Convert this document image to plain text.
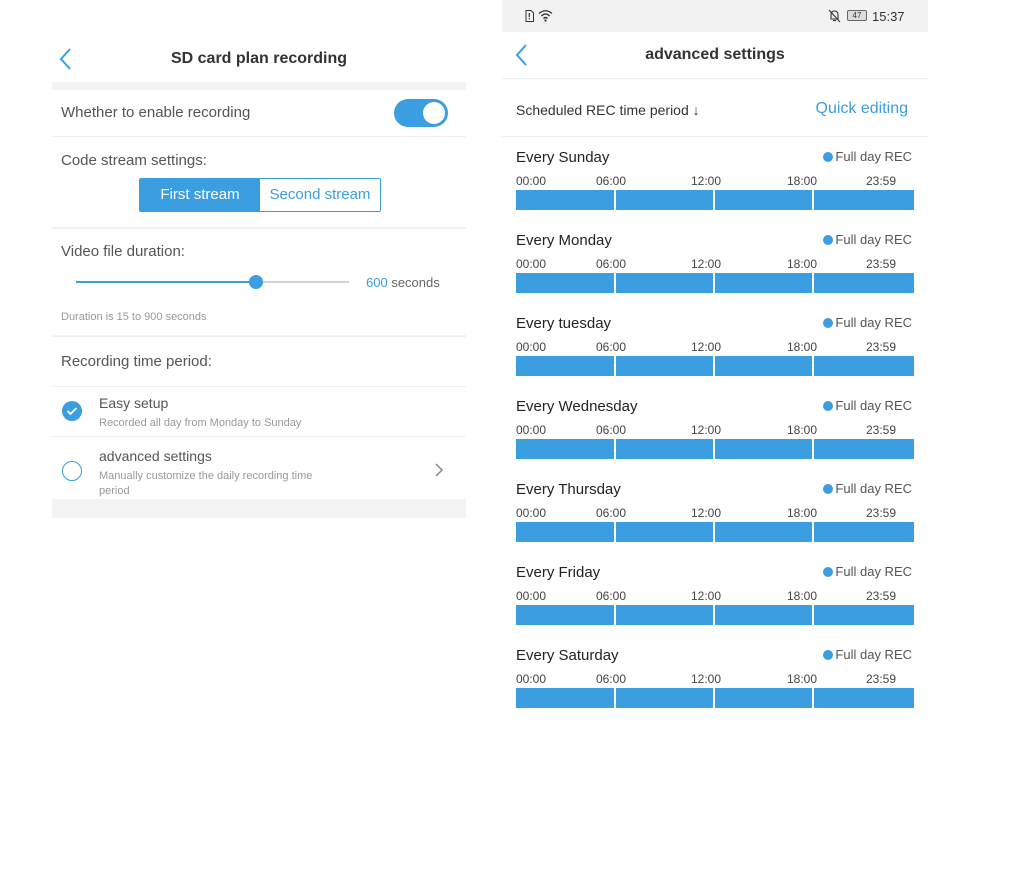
SD card plan recording
Whether to enable recording
Code stream settings:
First stream	Second stream
Video file duration:
600 seconds
Duration is 15 to 900 seconds
Recording time period:
Easy setup
Recorded all day from Monday to Sunday
advanced settings
Manually customize the daily recording time period
47 15:37
advanced settings
Scheduled REC time period ↓	Quick editing
Every Sunday	Full day REC
00:00	06:00	12:00	18:00	23:59
Every Monday	Full day REC
00:00	06:00	12:00	18:00	23:59
Every tuesday	Full day REC
00:00	06:00	12:00	18:00	23:59
Every Wednesday	Full day REC
00:00	06:00	12:00	18:00	23:59
Every Thursday	Full day REC
00:00	06:00	12:00	18:00	23:59
Every Friday	Full day REC
00:00	06:00	12:00	18:00	23:59
Every Saturday	Full day REC
00:00	06:00	12:00	18:00	23:59
